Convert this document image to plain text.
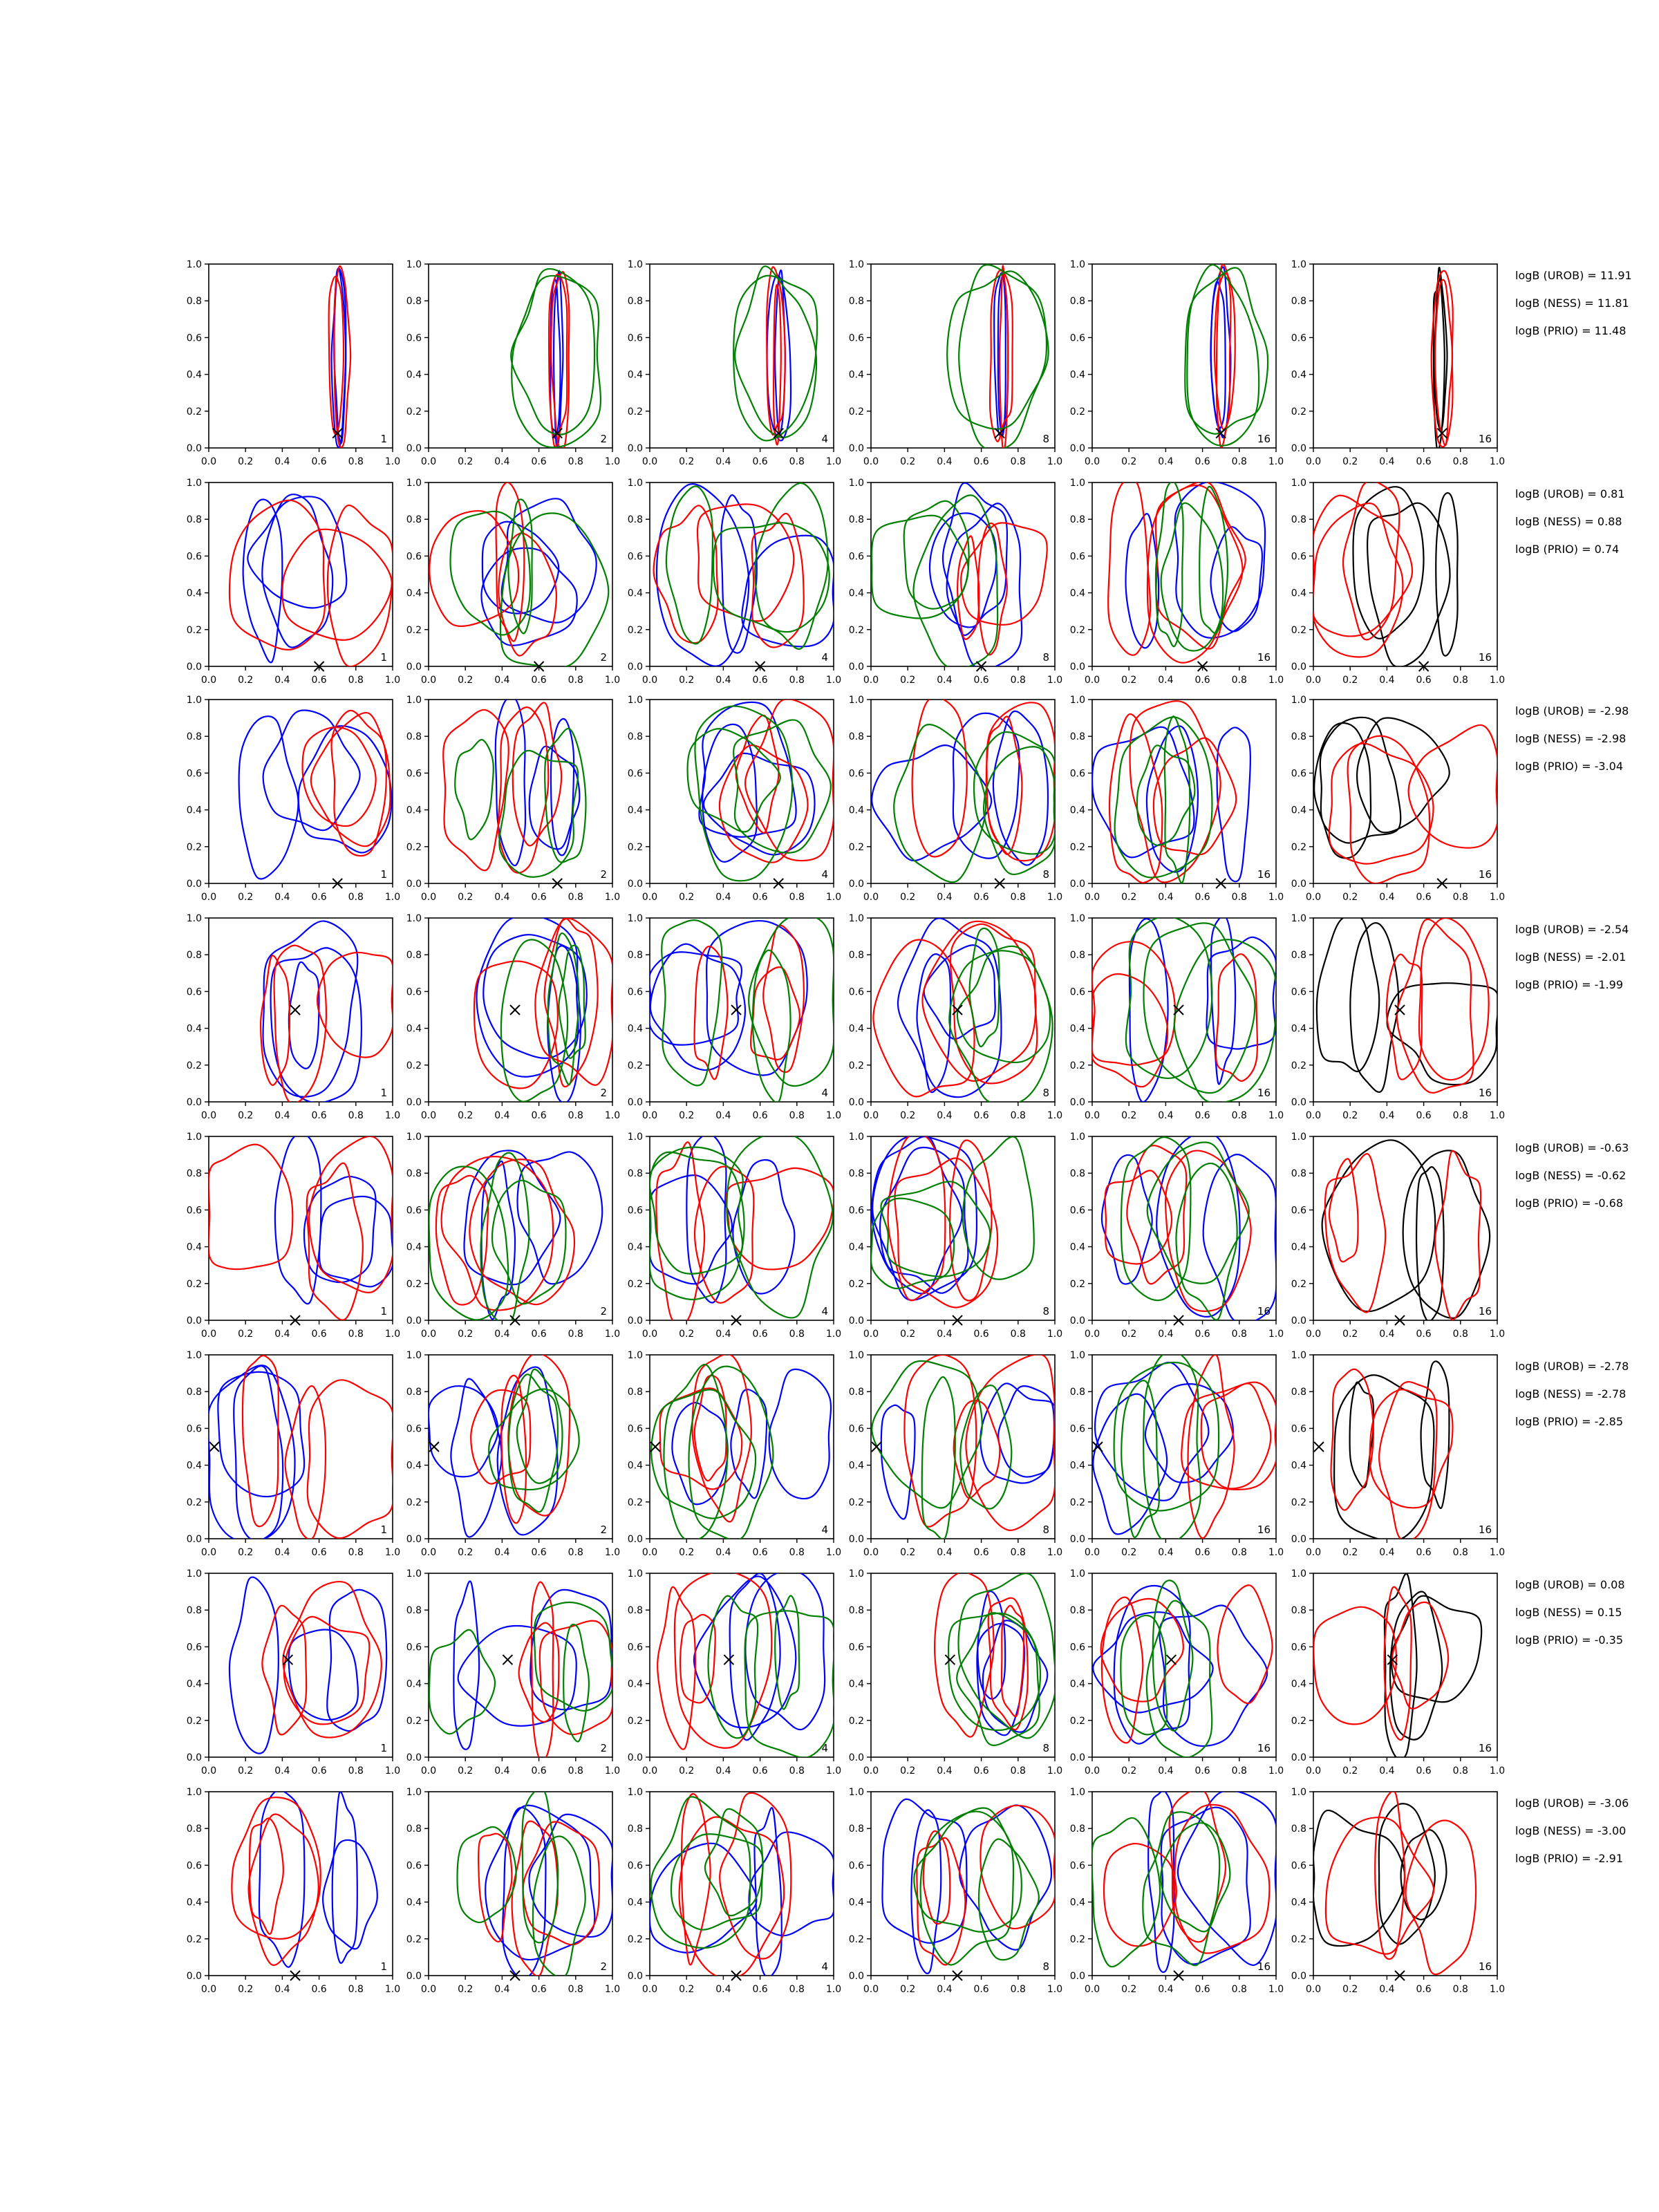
0.0 0.2 0.4 0.6 0.8 1.0
0.0
0.2
0.4
0.6
0.8
1.0
1
0.0 0.2 0.4 0.6 0.8 1.0
0.0
0.2
0.4
0.6
0.8
1.0
2
0.0 0.2 0.4 0.6 0.8 1.0
0.0
0.2
0.4
0.6
0.8
1.0
4
0.0 0.2 0.4 0.6 0.8 1.0
0.0
0.2
0.4
0.6
0.8
1.0
8
0.0 0.2 0.4 0.6 0.8 1.0
0.0
0.2
0.4
0.6
0.8
1.0
16
0.0 0.2 0.4 0.6 0.8 1.0
0.0
0.2
0.4
0.6
0.8
1.0
16
logB (UROB) = 11.91
logB (NESS) = 11.81
logB (PRIO) = 11.48
0.0 0.2 0.4 0.6 0.8 1.0
0.0
0.2
0.4
0.6
0.8
1.0
1
0.0 0.2 0.4 0.6 0.8 1.0
0.0
0.2
0.4
0.6
0.8
1.0
2
0.0 0.2 0.4 0.6 0.8 1.0
0.0
0.2
0.4
0.6
0.8
1.0
4
0.0 0.2 0.4 0.6 0.8 1.0
0.0
0.2
0.4
0.6
0.8
1.0
8
0.0 0.2 0.4 0.6 0.8 1.0
0.0
0.2
0.4
0.6
0.8
1.0
16
0.0 0.2 0.4 0.6 0.8 1.0
0.0
0.2
0.4
0.6
0.8
1.0
16
logB (UROB) = 0.81
logB (NESS) = 0.88
logB (PRIO) = 0.74
0.0 0.2 0.4 0.6 0.8 1.0
0.0
0.2
0.4
0.6
0.8
1.0
1
0.0 0.2 0.4 0.6 0.8 1.0
0.0
0.2
0.4
0.6
0.8
1.0
2
0.0 0.2 0.4 0.6 0.8 1.0
0.0
0.2
0.4
0.6
0.8
1.0
4
0.0 0.2 0.4 0.6 0.8 1.0
0.0
0.2
0.4
0.6
0.8
1.0
8
0.0 0.2 0.4 0.6 0.8 1.0
0.0
0.2
0.4
0.6
0.8
1.0
16
0.0 0.2 0.4 0.6 0.8 1.0
0.0
0.2
0.4
0.6
0.8
1.0
16
logB (UROB) = -2.98
logB (NESS) = -2.98
logB (PRIO) = -3.04
0.0 0.2 0.4 0.6 0.8 1.0
0.0
0.2
0.4
0.6
0.8
1.0
1
0.0 0.2 0.4 0.6 0.8 1.0
0.0
0.2
0.4
0.6
0.8
1.0
2
0.0 0.2 0.4 0.6 0.8 1.0
0.0
0.2
0.4
0.6
0.8
1.0
4
0.0 0.2 0.4 0.6 0.8 1.0
0.0
0.2
0.4
0.6
0.8
1.0
8
0.0 0.2 0.4 0.6 0.8 1.0
0.0
0.2
0.4
0.6
0.8
1.0
16
0.0 0.2 0.4 0.6 0.8 1.0
0.0
0.2
0.4
0.6
0.8
1.0
16
logB (UROB) = -2.54
logB (NESS) = -2.01
logB (PRIO) = -1.99
0.0 0.2 0.4 0.6 0.8 1.0
0.0
0.2
0.4
0.6
0.8
1.0
1
0.0 0.2 0.4 0.6 0.8 1.0
0.0
0.2
0.4
0.6
0.8
1.0
2
0.0 0.2 0.4 0.6 0.8 1.0
0.0
0.2
0.4
0.6
0.8
1.0
4
0.0 0.2 0.4 0.6 0.8 1.0
0.0
0.2
0.4
0.6
0.8
1.0
8
0.0 0.2 0.4 0.6 0.8 1.0
0.0
0.2
0.4
0.6
0.8
1.0
16
0.0 0.2 0.4 0.6 0.8 1.0
0.0
0.2
0.4
0.6
0.8
1.0
16
logB (UROB) = -0.63
logB (NESS) = -0.62
logB (PRIO) = -0.68
0.0 0.2 0.4 0.6 0.8 1.0
0.0
0.2
0.4
0.6
0.8
1.0
1
0.0 0.2 0.4 0.6 0.8 1.0
0.0
0.2
0.4
0.6
0.8
1.0
2
0.0 0.2 0.4 0.6 0.8 1.0
0.0
0.2
0.4
0.6
0.8
1.0
4
0.0 0.2 0.4 0.6 0.8 1.0
0.0
0.2
0.4
0.6
0.8
1.0
8
0.0 0.2 0.4 0.6 0.8 1.0
0.0
0.2
0.4
0.6
0.8
1.0
16
0.0 0.2 0.4 0.6 0.8 1.0
0.0
0.2
0.4
0.6
0.8
1.0
16
logB (UROB) = -2.78
logB (NESS) = -2.78
logB (PRIO) = -2.85
0.0 0.2 0.4 0.6 0.8 1.0
0.0
0.2
0.4
0.6
0.8
1.0
1
0.0 0.2 0.4 0.6 0.8 1.0
0.0
0.2
0.4
0.6
0.8
1.0
2
0.0 0.2 0.4 0.6 0.8 1.0
0.0
0.2
0.4
0.6
0.8
1.0
4
0.0 0.2 0.4 0.6 0.8 1.0
0.0
0.2
0.4
0.6
0.8
1.0
8
0.0 0.2 0.4 0.6 0.8 1.0
0.0
0.2
0.4
0.6
0.8
1.0
16
0.0 0.2 0.4 0.6 0.8 1.0
0.0
0.2
0.4
0.6
0.8
1.0
16
logB (UROB) = 0.08
logB (NESS) = 0.15
logB (PRIO) = -0.35
0.0 0.2 0.4 0.6 0.8 1.0
0.0
0.2
0.4
0.6
0.8
1.0
1
0.0 0.2 0.4 0.6 0.8 1.0
0.0
0.2
0.4
0.6
0.8
1.0
2
0.0 0.2 0.4 0.6 0.8 1.0
0.0
0.2
0.4
0.6
0.8
1.0
4
0.0 0.2 0.4 0.6 0.8 1.0
0.0
0.2
0.4
0.6
0.8
1.0
8
0.0 0.2 0.4 0.6 0.8 1.0
0.0
0.2
0.4
0.6
0.8
1.0
16
0.0 0.2 0.4 0.6 0.8 1.0
0.0
0.2
0.4
0.6
0.8
1.0
16
logB (UROB) = -3.06
logB (NESS) = -3.00
logB (PRIO) = -2.91
